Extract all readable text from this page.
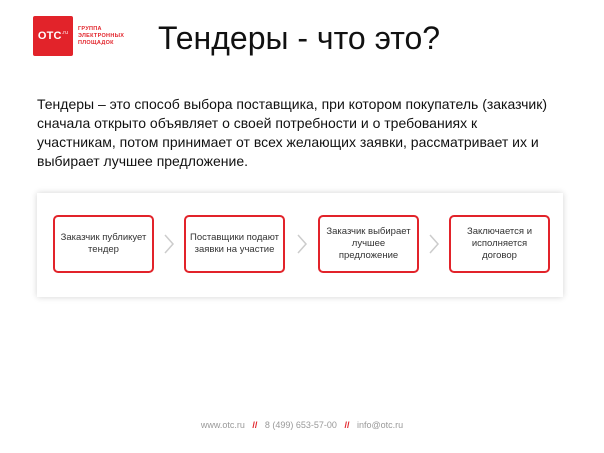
$OTC^{.ru}$
ГРУППА
ЭЛЕКТРОННЫХ
ПЛОЩАДОК	Тендеры - что это?

Тендеры – это способ выбора поставщика, при котором покупатель (заказчик) сначала открыто объявляет о своей потребности и о требованиях к участникам, потом принимает от всех желающих заявки, рассматривает их и выбирает лучшее предложение.

Заказчик публикует тендер
Поставщики подают заявки на участие
Заказчик выбирает лучшее предложение
Заключается и исполняется договор
www.otc.ru // 8 (499) 653-57-00 // info@otc.ru
